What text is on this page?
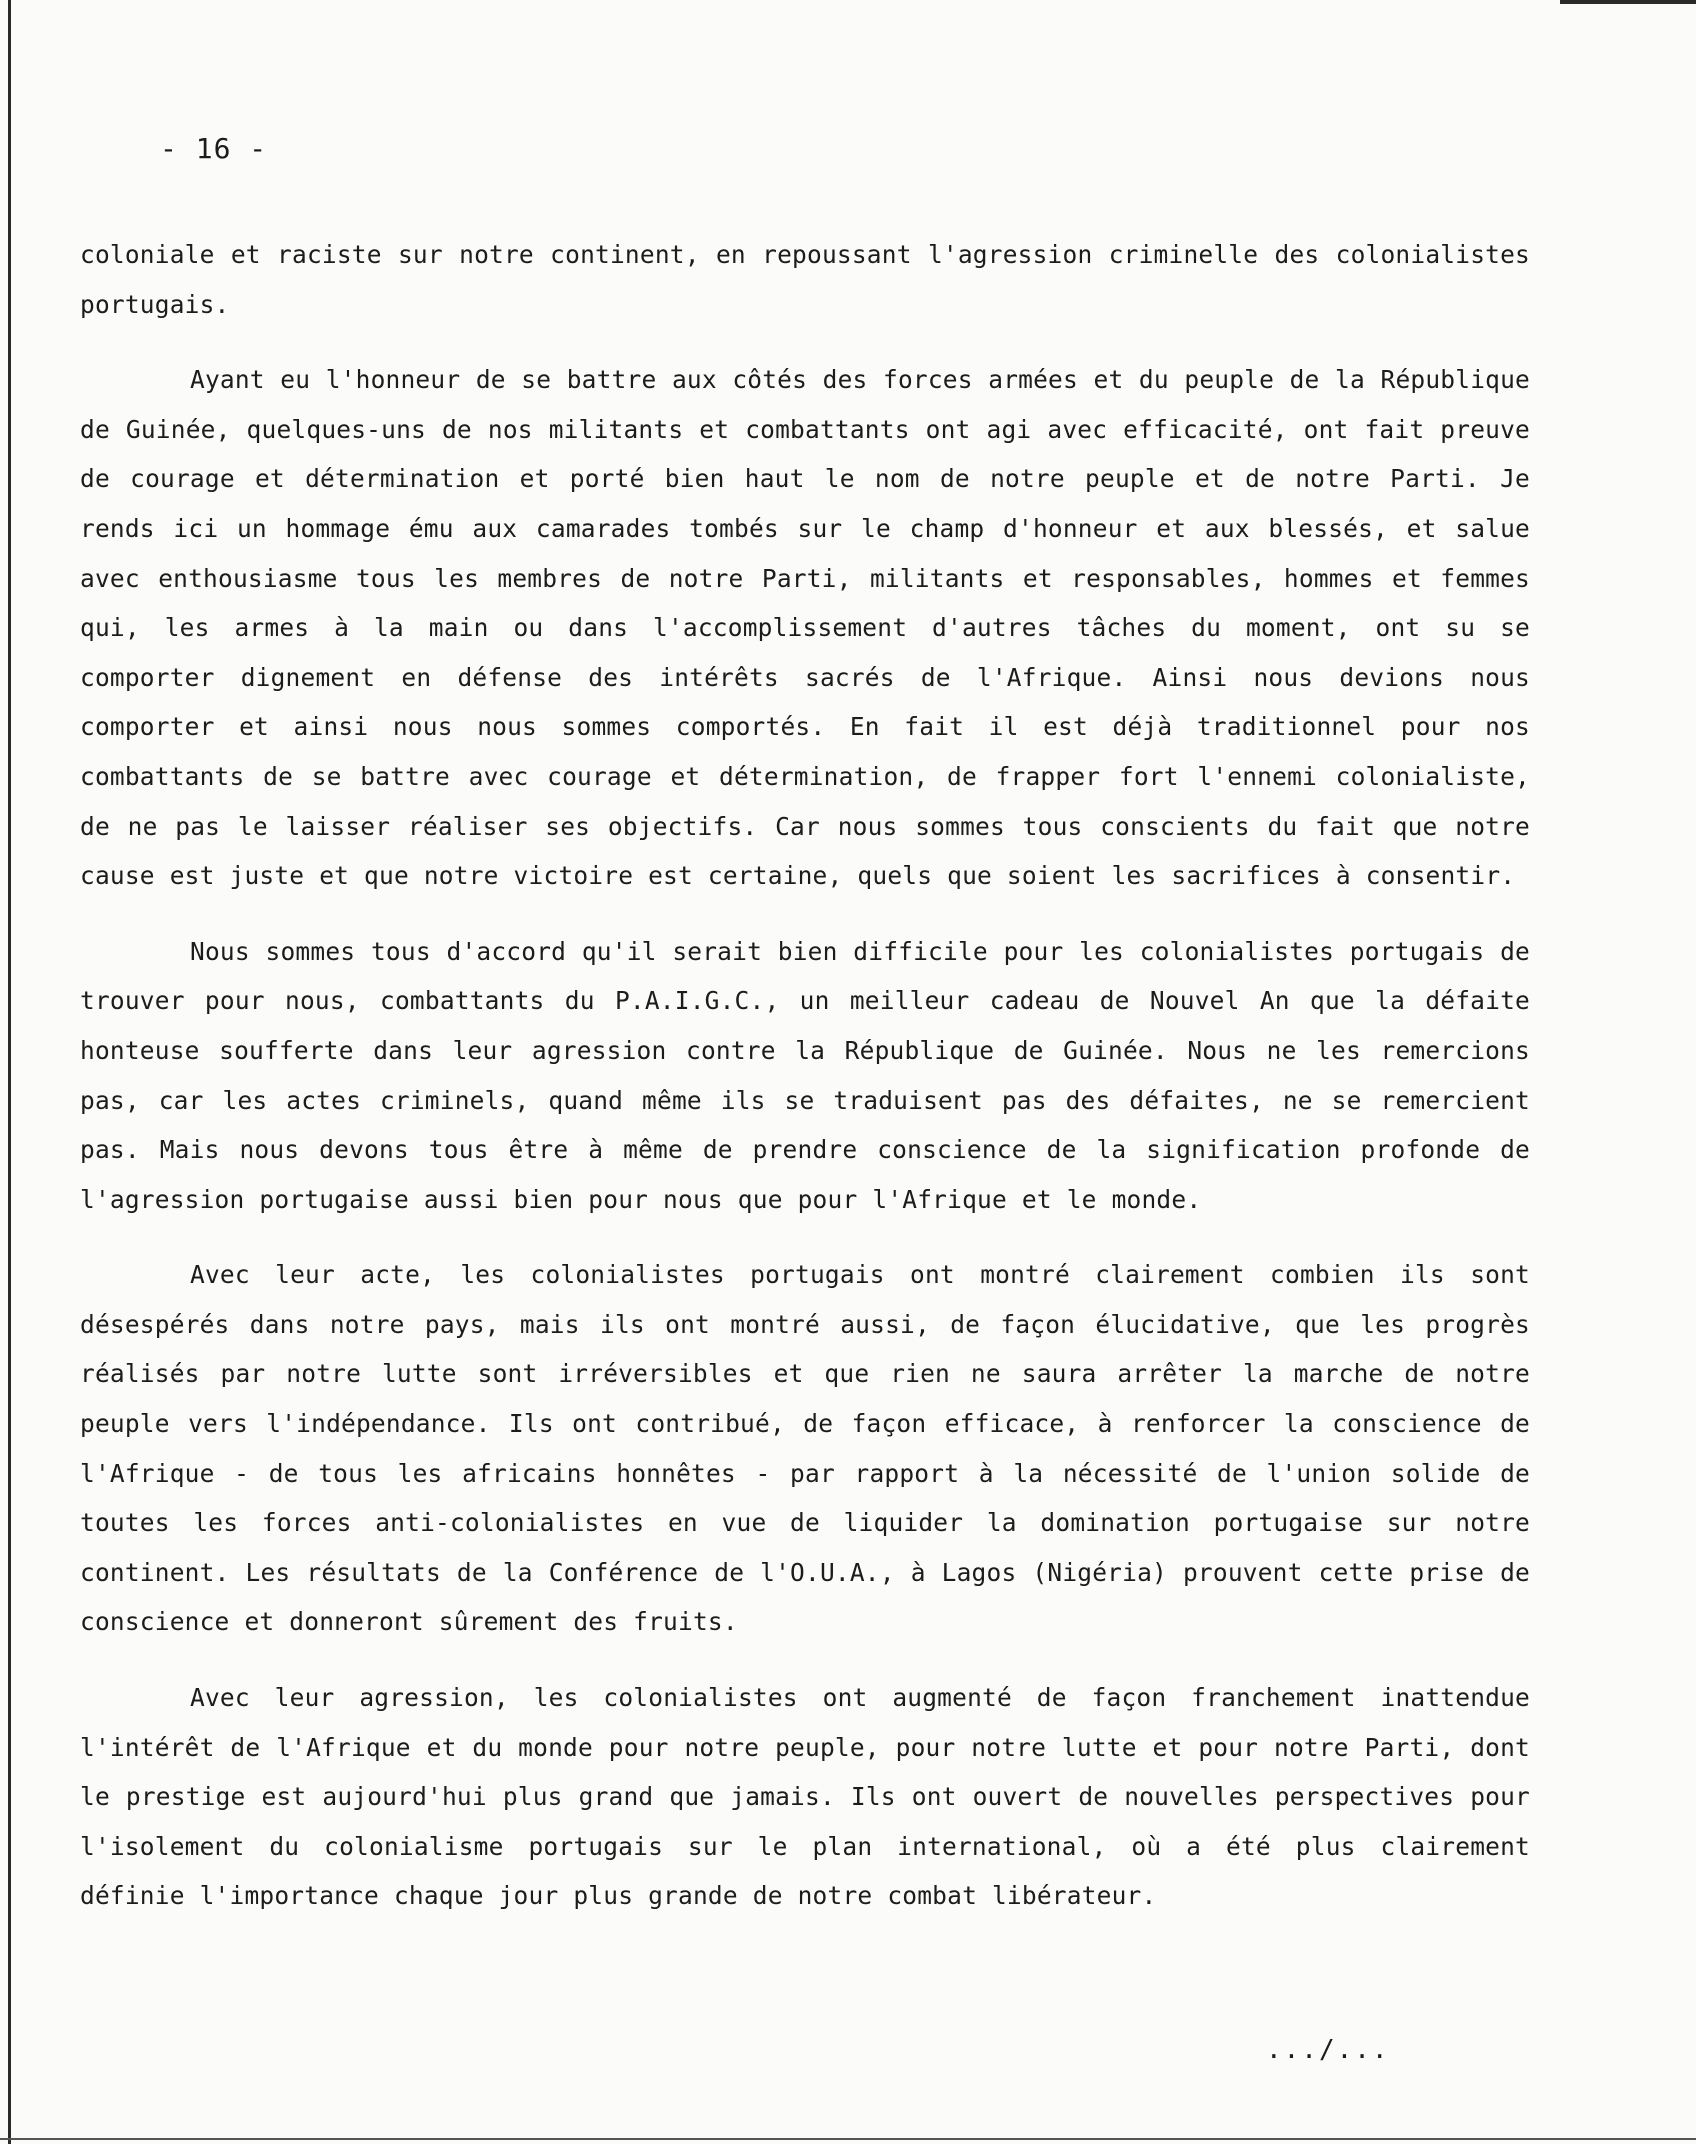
- 16 -

coloniale et raciste sur notre continent, en repoussant l'agression criminelle des colonialistes portugais.

Ayant eu l'honneur de se battre aux côtés des forces armées et du peuple de la République de Guinée, quelques-uns de nos militants et combattants ont agi avec efficacité, ont fait preuve de courage et détermination et porté bien haut le nom de notre peuple et de notre Parti. Je rends ici un hommage ému aux camarades tombés sur le champ d'honneur et aux blessés, et salue avec enthousiasme tous les membres de notre Parti, militants et responsables, hommes et femmes qui, les armes à la main ou dans l'accomplissement d'autres tâches du moment, ont su se comporter dignement en défense des intérêts sacrés de l'Afrique. Ainsi nous devions nous comporter et ainsi nous nous sommes comportés. En fait il est déjà traditionnel pour nos combattants de se battre avec courage et détermination, de frapper fort l'ennemi colonialiste, de ne pas le laisser réaliser ses objectifs. Car nous sommes tous conscients du fait que notre cause est juste et que notre victoire est certaine, quels que soient les sacrifices à consentir.

Nous sommes tous d'accord qu'il serait bien difficile pour les colonialistes portugais de trouver pour nous, combattants du P.A.I.G.C., un meilleur cadeau de Nouvel An que la défaite honteuse soufferte dans leur agression contre la République de Guinée. Nous ne les remercions pas, car les actes criminels, quand même ils se traduisent pas des défaites, ne se remercient pas. Mais nous devons tous être à même de prendre conscience de la signification profonde de l'agression portugaise aussi bien pour nous que pour l'Afrique et le monde.

Avec leur acte, les colonialistes portugais ont montré clairement combien ils sont désespérés dans notre pays, mais ils ont montré aussi, de façon élucidative, que les progrès réalisés par notre lutte sont irréversibles et que rien ne saura arrêter la marche de notre peuple vers l'indépendance. Ils ont contribué, de façon efficace, à renforcer la conscience de l'Afrique - de tous les africains honnêtes - par rapport à la nécessité de l'union solide de toutes les forces anti-colonialistes en vue de liquider la domination portugaise sur notre continent. Les résultats de la Conférence de l'O.U.A., à Lagos (Nigéria) prouvent cette prise de conscience et donneront sûrement des fruits.

Avec leur agression, les colonialistes ont augmenté de façon franchement inattendue l'intérêt de l'Afrique et du monde pour notre peuple, pour notre lutte et pour notre Parti, dont le prestige est aujourd'hui plus grand que jamais. Ils ont ouvert de nouvelles perspectives pour l'isolement du colonialisme portugais sur le plan international, où a été plus clairement définie l'importance chaque jour plus grande de notre combat libérateur.

.../...
